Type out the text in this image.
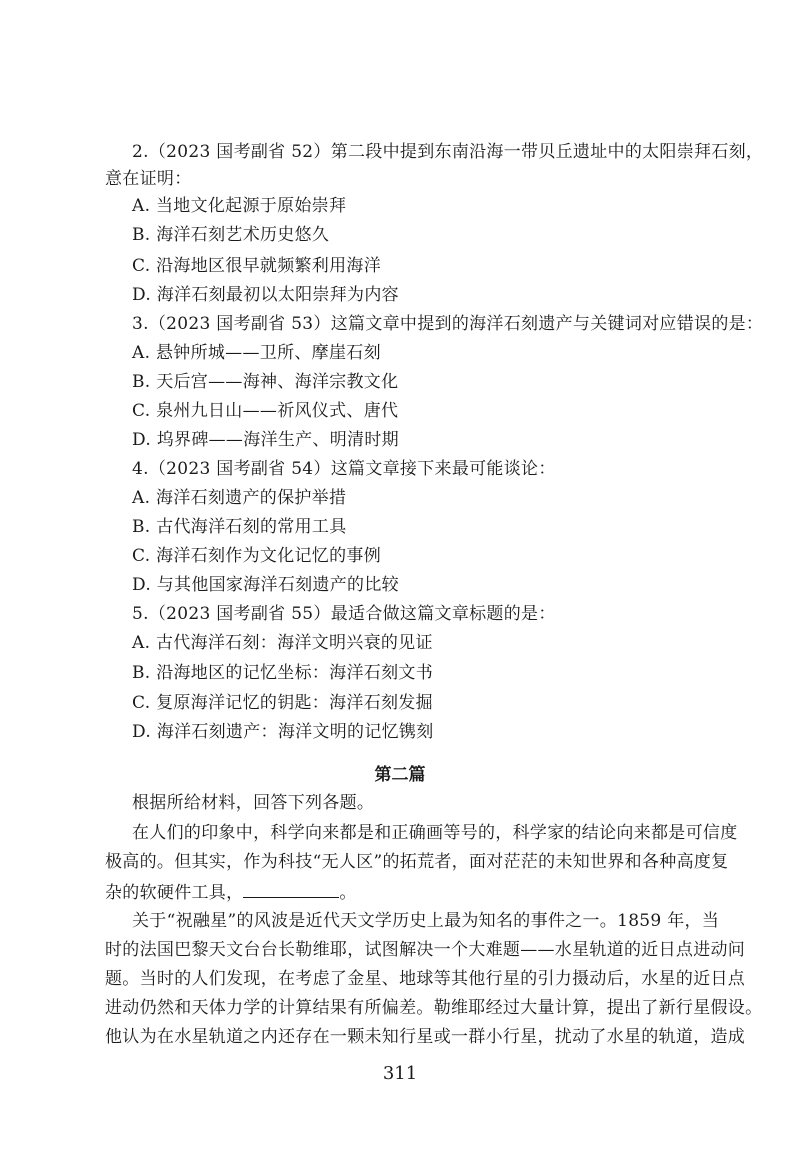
2.（2023 国考副省 52）第二段中提到东南沿海一带贝丘遗址中的太阳崇拜石刻，
意在证明：
A. 当地文化起源于原始崇拜
B. 海洋石刻艺术历史悠久
C. 沿海地区很早就频繁利用海洋
D. 海洋石刻最初以太阳崇拜为内容
3.（2023 国考副省 53）这篇文章中提到的海洋石刻遗产与关键词对应错误的是：
A. 悬钟所城——卫所、摩崖石刻
B. 天后宫——海神、海洋宗教文化
C. 泉州九日山——祈风仪式、唐代
D. 坞界碑——海洋生产、明清时期
4.（2023 国考副省 54）这篇文章接下来最可能谈论：
A. 海洋石刻遗产的保护举措
B. 古代海洋石刻的常用工具
C. 海洋石刻作为文化记忆的事例
D. 与其他国家海洋石刻遗产的比较
5.（2023 国考副省 55）最适合做这篇文章标题的是：
A. 古代海洋石刻：海洋文明兴衰的见证
B. 沿海地区的记忆坐标：海洋石刻文书
C. 复原海洋记忆的钥匙：海洋石刻发掘
D. 海洋石刻遗产：海洋文明的记忆镌刻
第二篇
根据所给材料，回答下列各题。
在人们的印象中，科学向来都是和正确画等号的，科学家的结论向来都是可信度
极高的。但其实，作为科技“无人区”的拓荒者，面对茫茫的未知世界和各种高度复
杂的软硬件工具，	。
关于“祝融星”的风波是近代天文学历史上最为知名的事件之一。1859 年，当
时的法国巴黎天文台台长勒维耶，试图解决一个大难题——水星轨道的近日点进动问
题。当时的人们发现，在考虑了金星、地球等其他行星的引力摄动后，水星的近日点
进动仍然和天体力学的计算结果有所偏差。勒维耶经过大量计算，提出了新行星假设。
他认为在水星轨道之内还存在一颗未知行星或一群小行星，扰动了水星的轨道，造成
311
